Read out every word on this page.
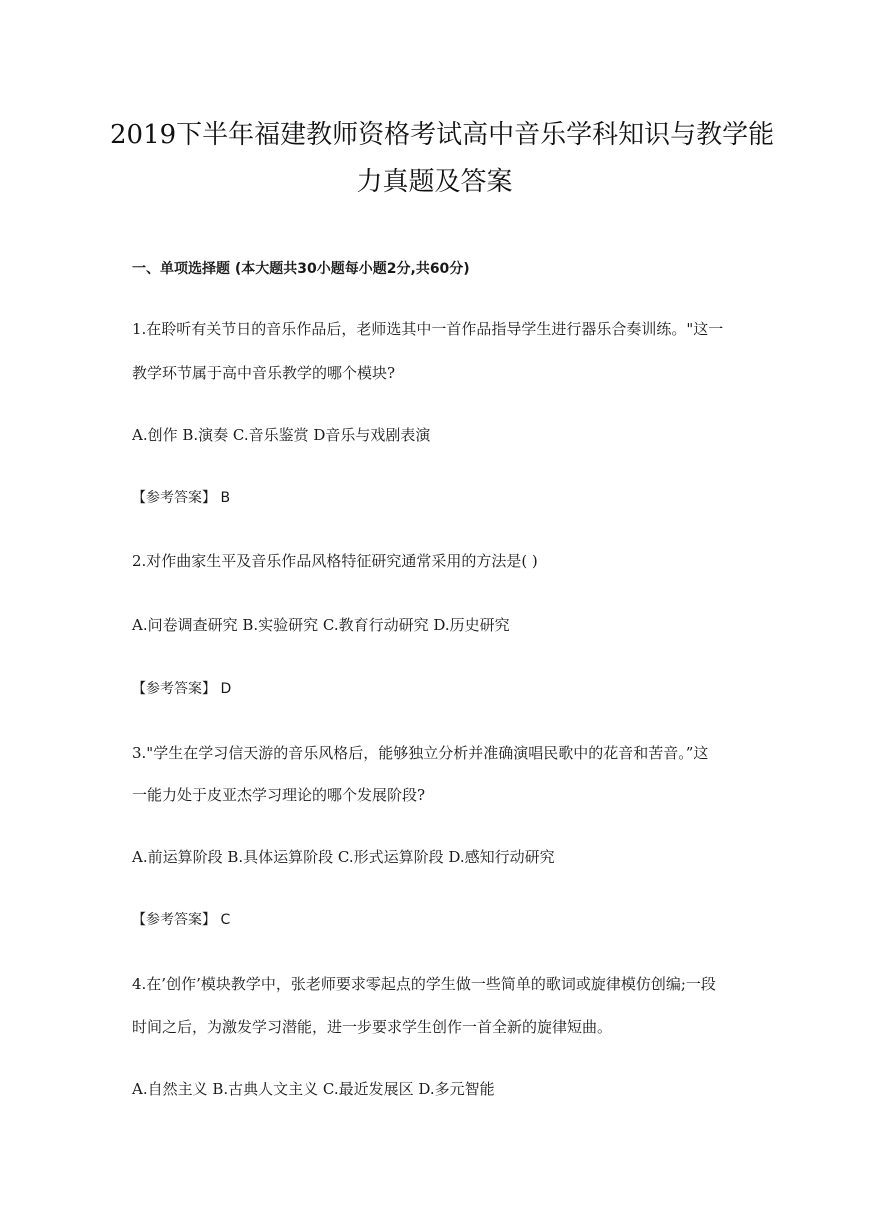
2019下半年福建教师资格考试高中音乐学科知识与教学能
力真题及答案
一、单项选择题 (本大题共30小题每小题2分,共60分)
1.在聆听有关节日的音乐作品后，老师选其中一首作品指导学生进行器乐合奏训练。"这一
教学环节属于高中音乐教学的哪个模块?
A.创作 B.演奏 C.音乐鉴赏 D音乐与戏剧表演
【参考答案】 B
2.对作曲家生平及音乐作品风格特征研究通常采用的方法是( )
A.问卷调查研究 B.实验研究 C.教育行动研究 D.历史研究
【参考答案】 D
3."学生在学习信天游的音乐风格后，能够独立分析并准确演唱民歌中的花音和苦音。”这
一能力处于皮亚杰学习理论的哪个发展阶段?
A.前运算阶段 B.具体运算阶段 C.形式运算阶段 D.感知行动研究
【参考答案】 C
4.在’创作’模块教学中，张老师要求零起点的学生做一些简单的歌词或旋律模仿创编;一段
时间之后，为激发学习潜能，进一步要求学生创作一首全新的旋律短曲。
A.自然主义 B.古典人文主义 C.最近发展区 D.多元智能
